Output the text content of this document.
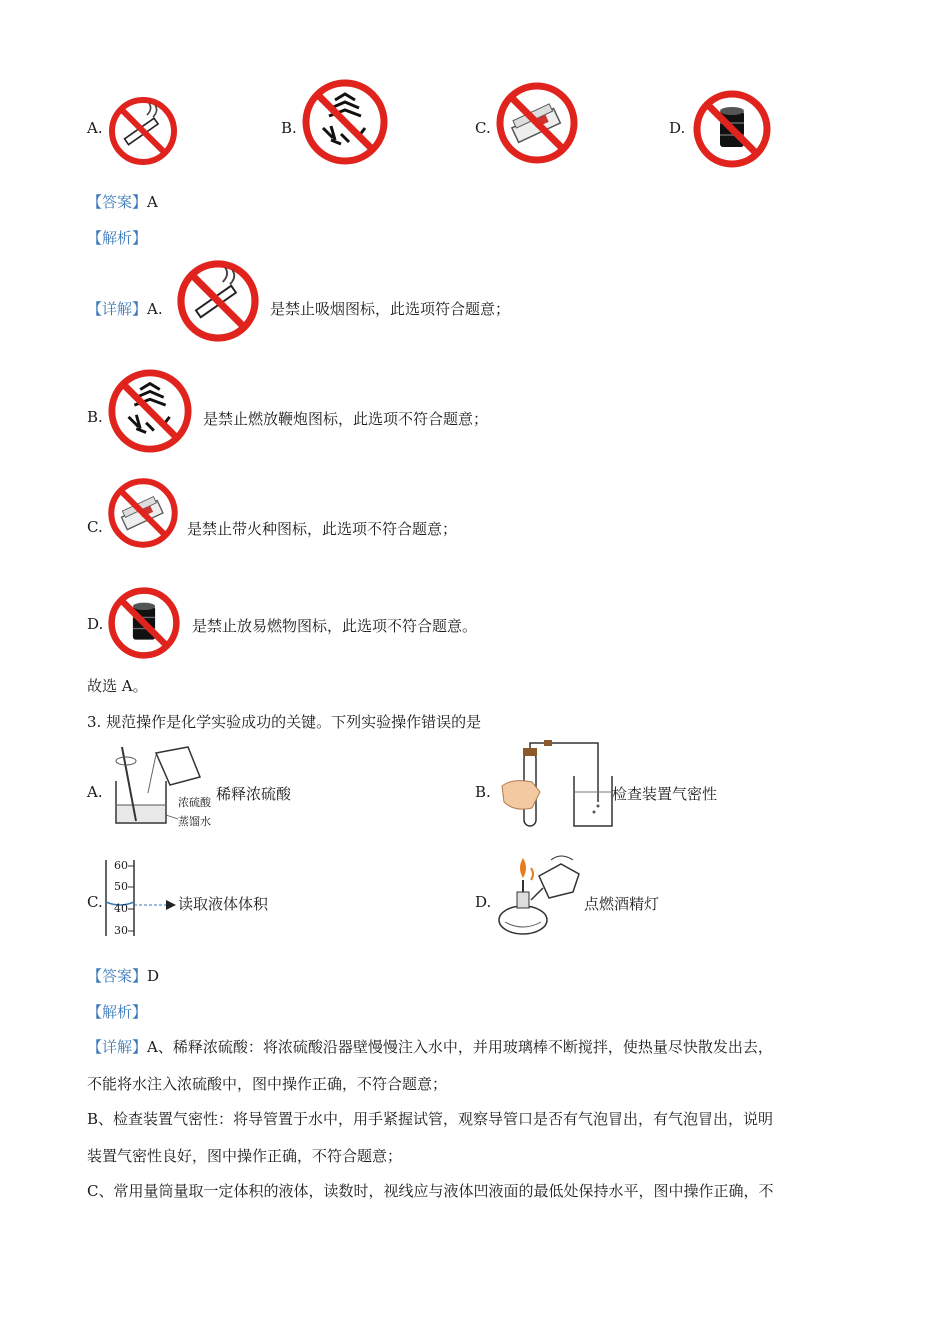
A.	B.	C.	D.
【答案】A
【解析】
【详解】A.	是禁止吸烟图标，此选项符合题意；
B.	是禁止燃放鞭炮图标，此选项不符合题意；
C.	是禁止带火种图标，此选项不符合题意；
D.	是禁止放易燃物图标，此选项不符合题意。
故选 A。
3. 规范操作是化学实验成功的关键。下列实验操作错误的是
A.
浓硫酸
蒸馏水
稀释浓硫酸	B.	检查装置气密性
C.
60
50
40
30
读取液体体积	D.	点燃酒精灯
【答案】D
【解析】
【详解】A、稀释浓硫酸：将浓硫酸沿器壁慢慢注入水中，并用玻璃棒不断搅拌，使热量尽快散发出去，
不能将水注入浓硫酸中，图中操作正确，不符合题意；
B、检查装置气密性：将导管置于水中，用手紧握试管，观察导管口是否有气泡冒出，有气泡冒出，说明
装置气密性良好，图中操作正确，不符合题意；
C、常用量筒量取一定体积的液体，读数时，视线应与液体凹液面的最低处保持水平，图中操作正确，不
